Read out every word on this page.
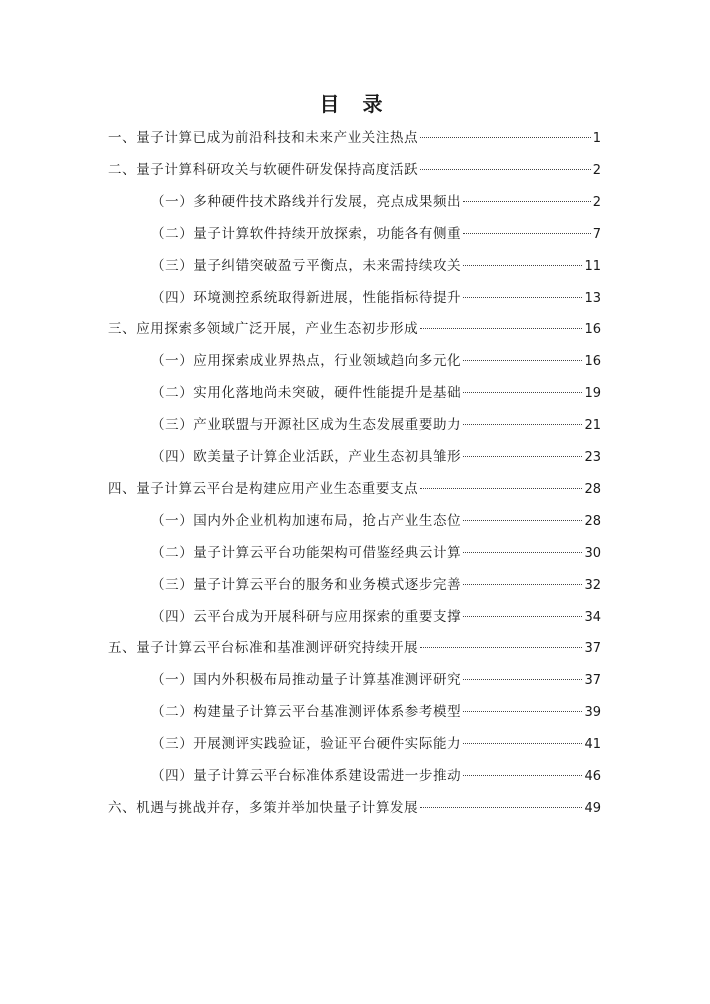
目 录
一、量子计算已成为前沿科技和未来产业关注热点	1
二、量子计算科研攻关与软硬件研发保持高度活跃	2
（一）多种硬件技术路线并行发展，亮点成果频出	2
（二）量子计算软件持续开放探索，功能各有侧重	7
（三）量子纠错突破盈亏平衡点，未来需持续攻关	11
（四）环境测控系统取得新进展，性能指标待提升	13
三、应用探索多领域广泛开展，产业生态初步形成	16
（一）应用探索成业界热点，行业领域趋向多元化	16
（二）实用化落地尚未突破，硬件性能提升是基础	19
（三）产业联盟与开源社区成为生态发展重要助力	21
（四）欧美量子计算企业活跃，产业生态初具雏形	23
四、量子计算云平台是构建应用产业生态重要支点	28
（一）国内外企业机构加速布局，抢占产业生态位	28
（二）量子计算云平台功能架构可借鉴经典云计算	30
（三）量子计算云平台的服务和业务模式逐步完善	32
（四）云平台成为开展科研与应用探索的重要支撑	34
五、量子计算云平台标准和基准测评研究持续开展	37
（一）国内外积极布局推动量子计算基准测评研究	37
（二）构建量子计算云平台基准测评体系参考模型	39
（三）开展测评实践验证，验证平台硬件实际能力	41
（四）量子计算云平台标准体系建设需进一步推动	46
六、机遇与挑战并存，多策并举加快量子计算发展	49
